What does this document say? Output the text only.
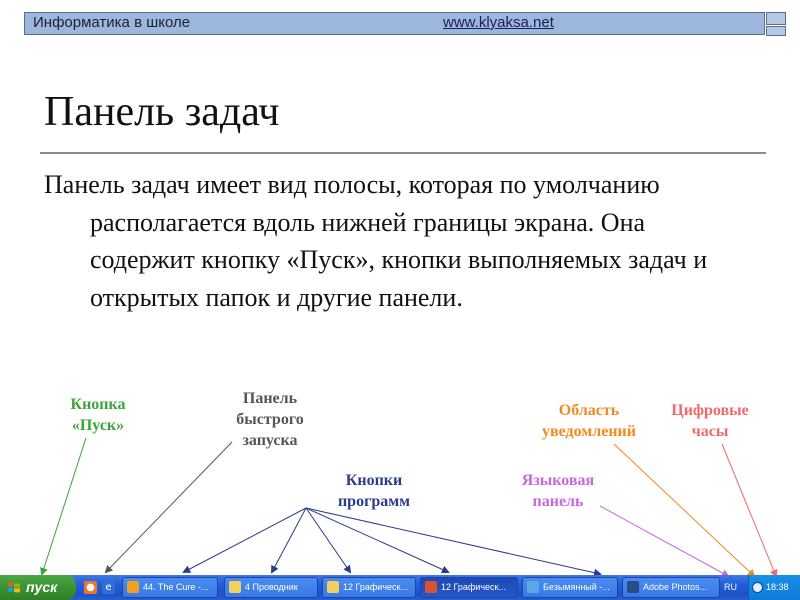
Информатика в школе	www.klyaksa.net
Панель задач
Панель задач имеет вид полосы, которая по умолчанию располагается вдоль нижней границы экрана. Она содержит кнопку «Пуск», кнопки выполняемых задач и открытых папок и другие панели.
Кнопка «Пуск»
Панель быстрого запуска
Кнопки программ
Языковая панель
Область уведомлений
Цифровые часы
пуск	●	e	44. The Cure -...	4 Проводник	12 Графическ...	12 Графическ...	Безымянный -...	Adobe Photos...	RU	18:38
